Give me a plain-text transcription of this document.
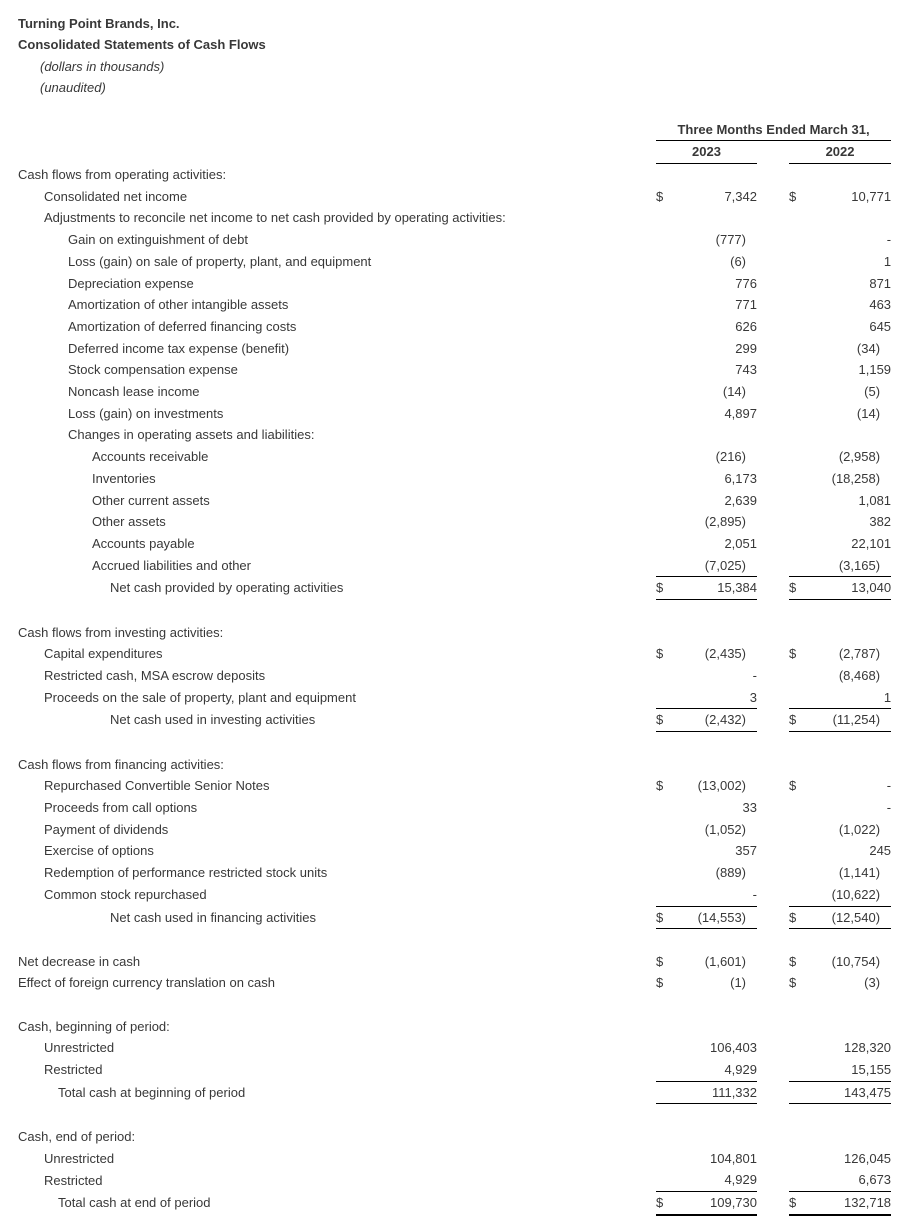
Turning Point Brands, Inc.
Consolidated Statements of Cash Flows
(dollars in thousands)
(unaudited)
	Three Months Ended March 31,				
	2023			2022	
Cash flows from operating activities:					
Consolidated net income	$	7,342		$	10,771
Adjustments to reconcile net income to net cash provided by operating activities:					
Gain on extinguishment of debt		(777)			-
Loss (gain) on sale of property, plant, and equipment		(6)			1
Depreciation expense		776			871
Amortization of other intangible assets		771			463
Amortization of deferred financing costs		626			645
Deferred income tax expense (benefit)		299			(34)
Stock compensation expense		743			1,159
Noncash lease income		(14)			(5)
Loss (gain) on investments		4,897			(14)
Changes in operating assets and liabilities:					
Accounts receivable		(216)			(2,958)
Inventories		6,173			(18,258)
Other current assets		2,639			1,081
Other assets		(2,895)			382
Accounts payable		2,051			22,101
Accrued liabilities and other		(7,025)			(3,165)
Net cash provided by operating activities	$	15,384		$	13,040

Cash flows from investing activities:					
Capital expenditures	$	(2,435)		$	(2,787)
Restricted cash, MSA escrow deposits		-			(8,468)
Proceeds on the sale of property, plant and equipment		3			1
Net cash used in investing activities	$	(2,432)		$	(11,254)

Cash flows from financing activities:					
Repurchased Convertible Senior Notes	$	(13,002)		$	-
Proceeds from call options		33			-
Payment of dividends		(1,052)			(1,022)
Exercise of options		357			245
Redemption of performance restricted stock units		(889)			(1,141)
Common stock repurchased		-			(10,622)
Net cash used in financing activities	$	(14,553)		$	(12,540)

Net decrease in cash	$	(1,601)		$	(10,754)
Effect of foreign currency translation on cash	$	(1)		$	(3)

Cash, beginning of period:					
Unrestricted		106,403			128,320
Restricted		4,929			15,155
Total cash at beginning of period		111,332			143,475

Cash, end of period:					
Unrestricted		104,801			126,045
Restricted		4,929			6,673
Total cash at end of period	$	109,730		$	132,718
